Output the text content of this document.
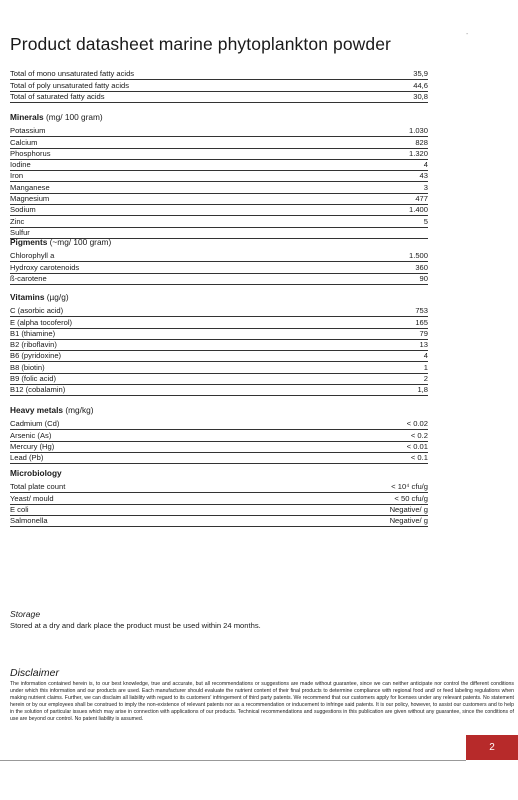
Product datasheet marine phytoplankton powder	-
Total of mono unsaturated fatty acids	35,9
Total of poly unsaturated fatty acids	44,6
Total of saturated fatty acids	30,8
Minerals (mg/ 100 gram)
Potassium	1.030
Calcium	828
Phosphorus	1.320
Iodine	4
Iron	43
Manganese	3
Magnesium	477
Sodium	1.400
Zinc	5
Sulfur
Pigments (~mg/ 100 gram)
Chlorophyll a	1.500
Hydroxy carotenoids	360
ß-carotene	90
Vitamins (µg/g)
C (asorbic acid)	753
E (alpha tocoferol)	165
B1 (thiamine)	79
B2 (riboflavin)	13
B6 (pyridoxine)	4
B8 (biotin)	1
B9 (folic acid)	2
B12 (cobalamin)	1,8
Heavy metals (mg/kg)
Cadmium (Cd)	< 0.02
Arsenic (As)	< 0.2
Mercury (Hg)	< 0.01
Lead (Pb)	< 0.1
Microbiology
Total plate count	< 10⁴ cfu/g
Yeast/ mould	< 50 cfu/g
E coli	Negative/ g
Salmonella	Negative/ g
Storage
Stored at a dry and dark place the product must be used within 24 months.
Disclaimer
The information contained herein is, to our best knowledge, true and accurate, but all recommendations or suggestions are made without guarantee, since we can neither anticipate nor control the different conditions under which this information and our products are used. Each manufacturer should evaluate the nutrient content of their final products to determine compliance with regional food and/ or feed labeling regulations when making nutrient claims. Further, we can disclaim all liability with regard to its customers' infringement of third party patents. We recommend that our customers apply for licenses under any relevant patents. No statement herein or by our employees shall be construed to imply the non-existence of relevant patents nor as a recommendation or inducement to infringe said patents. It is our policy, however, to assist our customers and to help in the solution of particular issues which may arise in connection with applications of our products. Technical recommendations and suggestions in this publication are given without any guarantee, since the conditions of use are beyond our control. No patent liability is assumed.
2
